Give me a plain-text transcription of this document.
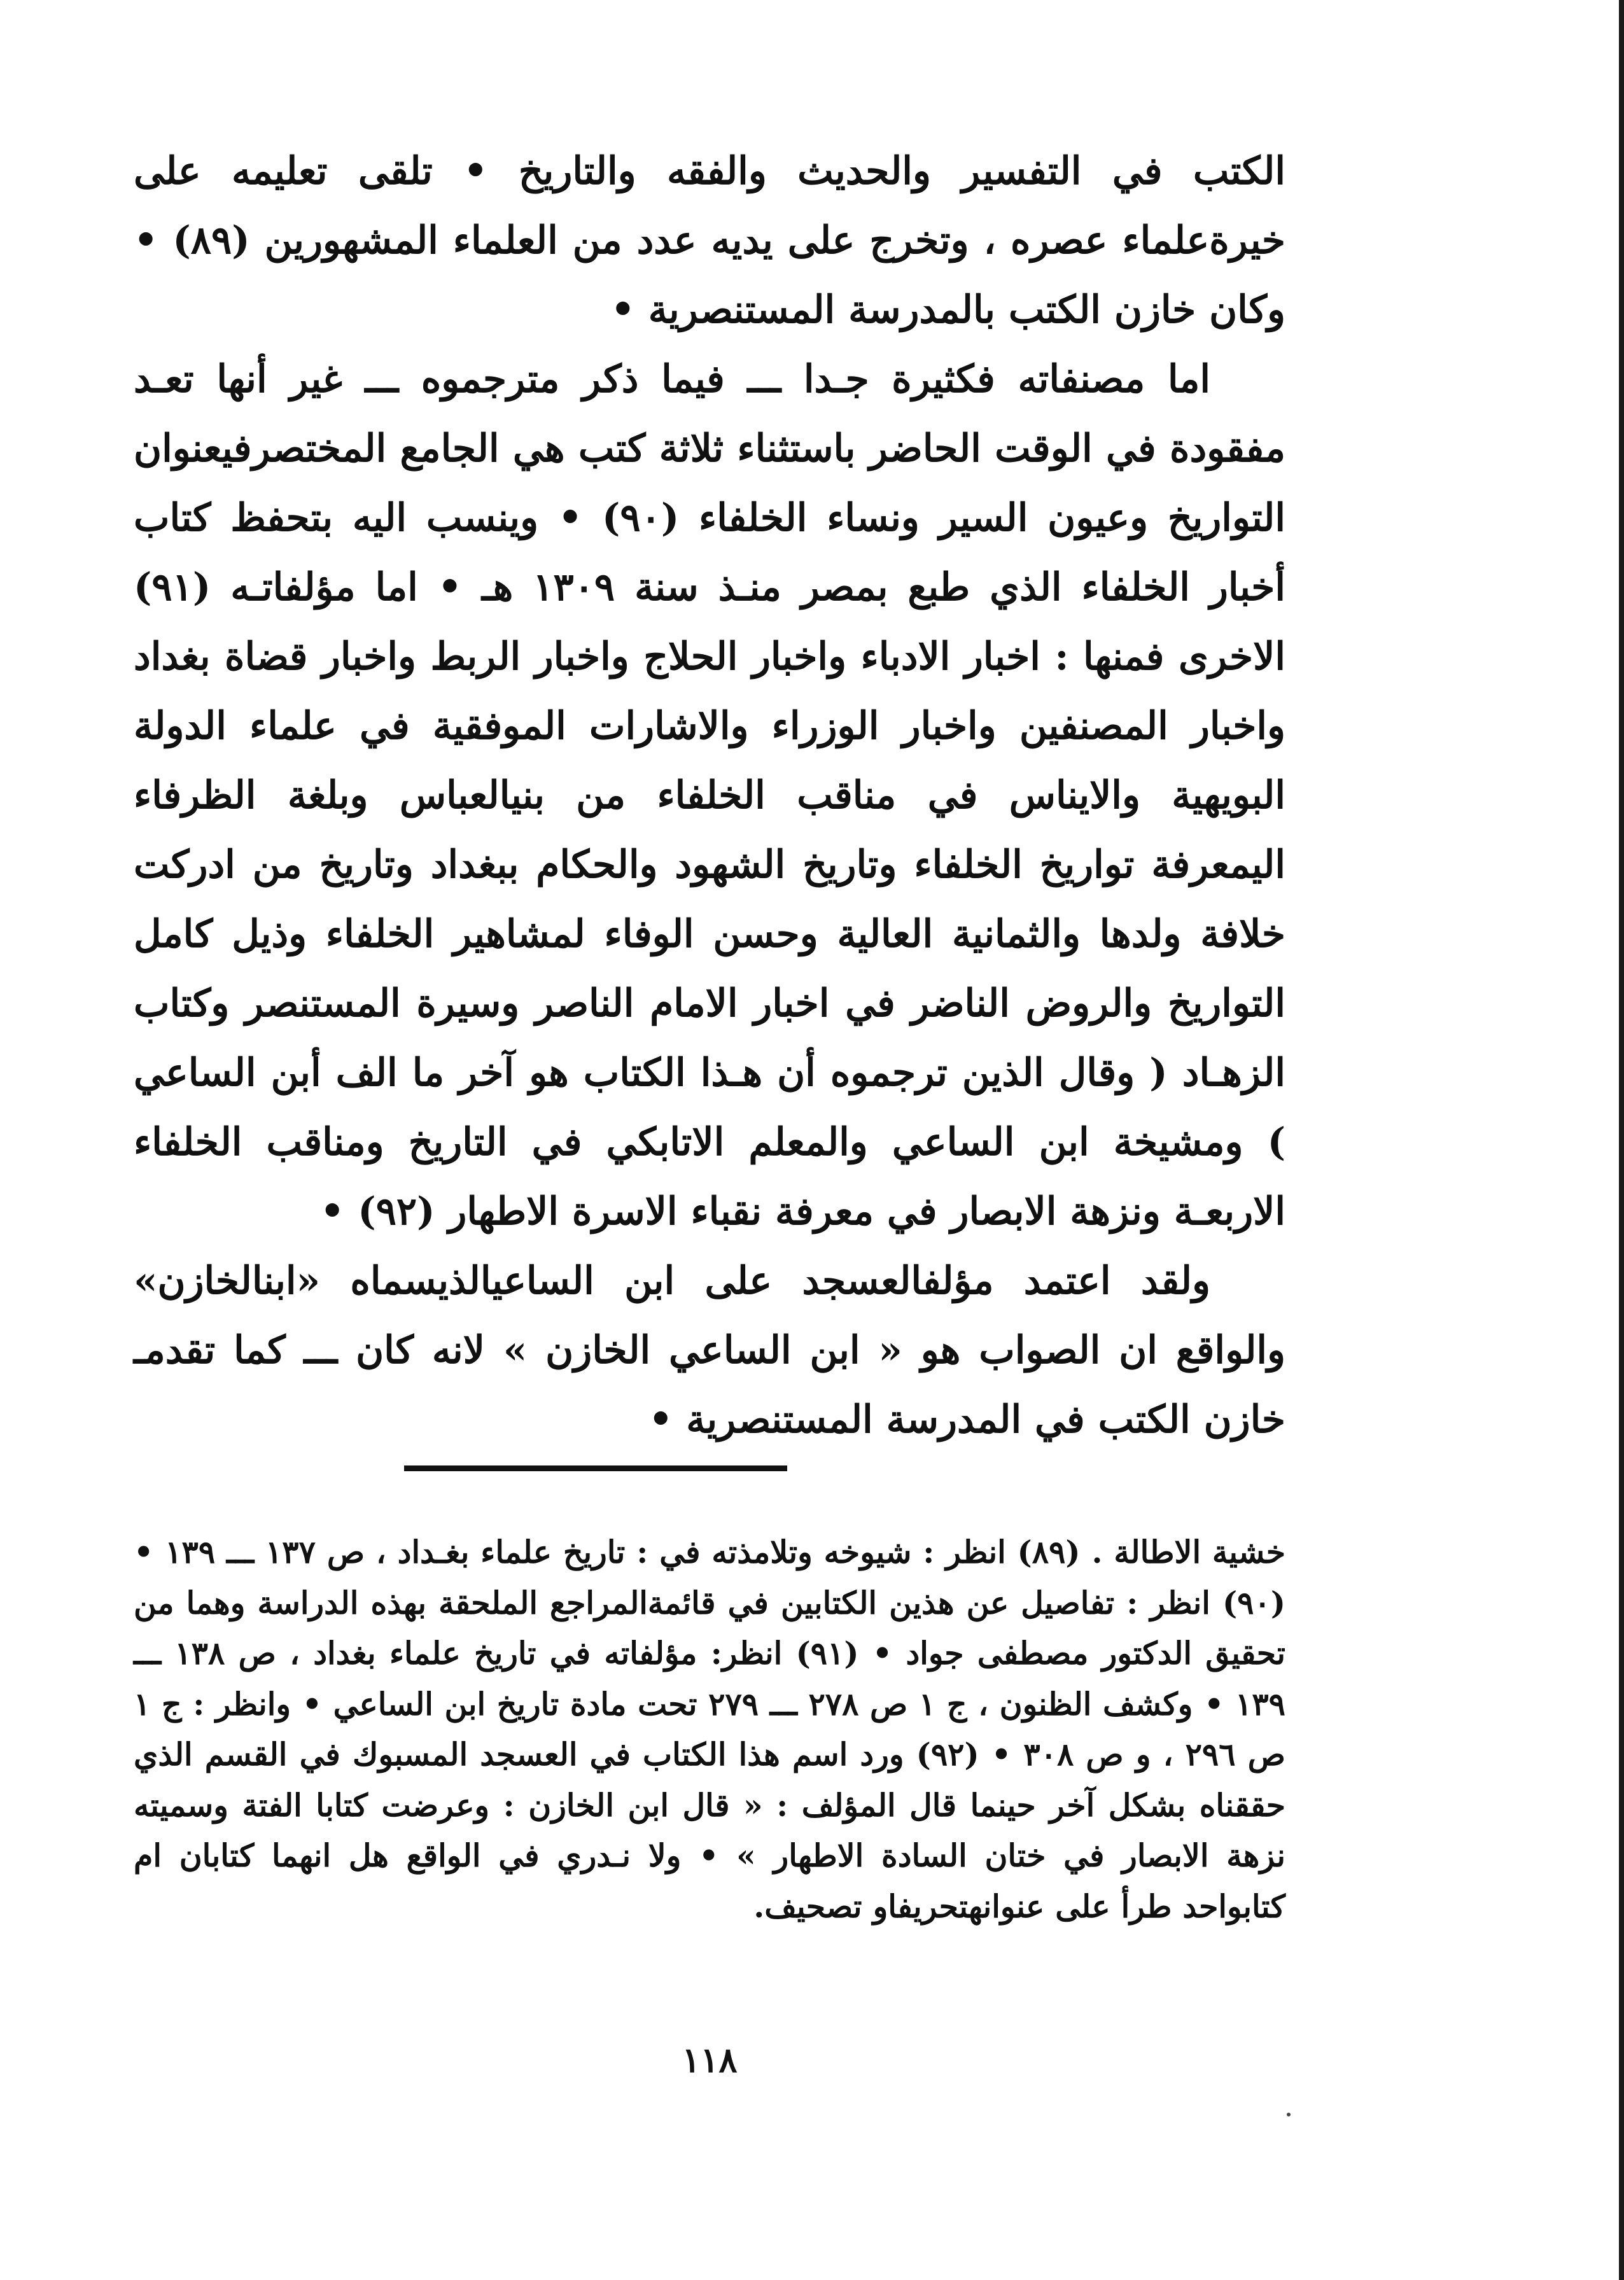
الكتب في التفسير والحديث والفقه والتاريخ • تلقى تعليمه على خيرةعلماء عصره ، وتخرج على يديه عدد من العلماء المشهورين (٨٩) • وكان خازن الكتب بالمدرسة المستنصرية •

اما مصنفاته فكثيرة جـدا ـــ فيما ذكر مترجموه ـــ غير أنها تعـد مفقودة في الوقت الحاضر باستثناء ثلاثة كتب هي الجامع المختصرفيعنوان التواريخ وعيون السير ونساء الخلفاء (٩٠) • وينسب اليه بتحفظ كتاب أخبار الخلفاء الذي طبع بمصر منـذ سنة ١٣٠٩ هـ • اما مؤلفاتـه (٩١) الاخرى فمنها : اخبار الادباء واخبار الحلاج واخبار الربط واخبار قضاة بغداد واخبار المصنفين واخبار الوزراء والاشارات الموفقية في علماء الدولة البويهية والايناس في مناقب الخلفاء من بنيالعباس وبلغة الظرفاء اليمعرفة تواريخ الخلفاء وتاريخ الشهود والحكام ببغداد وتاريخ من ادركت خلافة ولدها والثمانية العالية وحسن الوفاء لمشاهير الخلفاء وذيل كامل التواريخ والروض الناضر في اخبار الامام الناصر وسيرة المستنصر وكتاب الزهـاد ( وقال الذين ترجموه أن هـذا الكتاب هو آخر ما الف أبن الساعي ) ومشيخة ابن الساعي والمعلم الاتابكي في التاريخ ومناقب الخلفاء الاربعـة ونزهة الابصار في معرفة نقباء الاسرة الاطهار (٩٢) •

ولقد اعتمد مؤلفالعسجد على ابن الساعيالذيسماه «ابنالخازن» والواقع ان الصواب هو « ابن الساعي الخازن » لانه كان ـــ كما تقدمـ خازن الكتب في المدرسة المستنصرية •

خشية الاطالة . (٨٩) انظر : شيوخه وتلامذته في : تاريخ علماء بغـداد ، ص ١٣٧ ـــ ١٣٩ • (٩٠) انظر : تفاصيل عن هذين الكتابين في قائمةالمراجع الملحقة بهذه الدراسة وهما من تحقيق الدكتور مصطفى جواد • (٩١) انظر: مؤلفاته في تاريخ علماء بغداد ، ص ١٣٨ ـــ ١٣٩ • وكشف الظنون ، ج ١ ص ٢٧٨ ـــ ٢٧٩ تحت مادة تاريخ ابن الساعي • وانظر : ج ١ ص ٢٩٦ ، و ص ٣٠٨ • (٩٢) ورد اسم هذا الكتاب في العسجد المسبوك في القسم الذي حققناه بشكل آخر حينما قال المؤلف : « قال ابن الخازن : وعرضت كتابا الفتة وسميته نزهة الابصار في ختان السادة الاطهار » • ولا نـدري في الواقع هل انهما كتابان ام كتابواحد طرأ على عنوانهتحريفاو تصحيف.

١١٨
